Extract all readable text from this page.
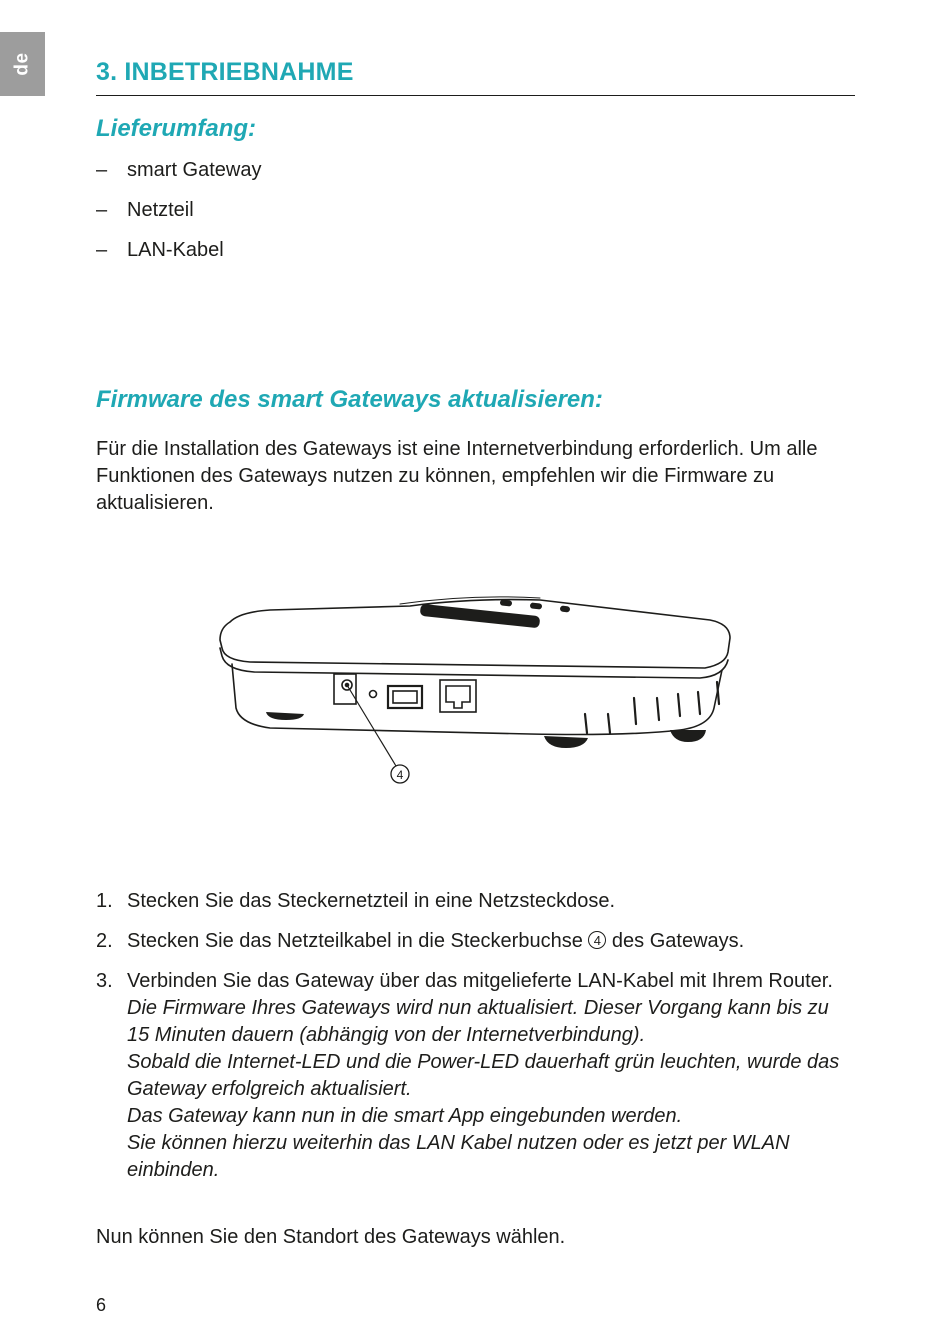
de	3. INBETRIEBNAHME
Lieferumfang:
– smart Gateway
– Netzteil
– LAN-Kabel
Firmware des smart Gateways aktualisieren:

Für die Installation des Gateways ist eine Internetverbindung erforderlich. Um alle Funktionen des Gateways nutzen zu können, empfehlen wir die Firmware zu aktualisieren.

4
1. Stecken Sie das Steckernetzteil in eine Netzsteckdose.
2. Stecken Sie das Netzteilkabel in die Steckerbuchse 4 des Gateways.
3. Verbinden Sie das Gateway über das mitgelieferte LAN-Kabel mit Ihrem Router.
Die Firmware Ihres Gateways wird nun aktualisiert. Dieser Vorgang kann bis zu 15 Minuten dauern (abhängig von der Internetverbindung).
Sobald die Internet-LED und die Power-LED dauerhaft grün leuchten, wurde das Gateway erfolgreich aktualisiert.
Das Gateway kann nun in die smart App eingebunden werden.
Sie können hierzu weiterhin das LAN Kabel nutzen oder es jetzt per WLAN einbinden.

Nun können Sie den Standort des Gateways wählen.

6
